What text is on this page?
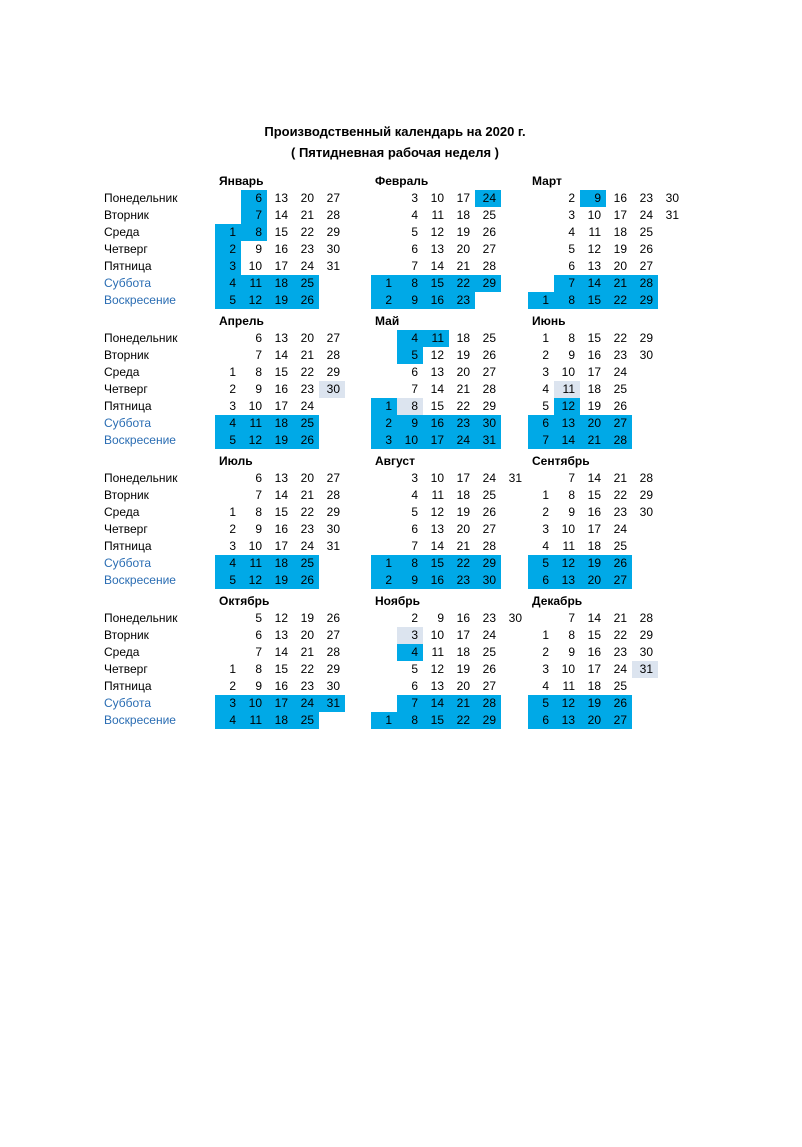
Производственный календарь на 2020 г.
( Пятидневная рабочая неделя )
Январь
Понедельник
Вторник
Среда
Четверг
Пятница
Суббота
Воскресение
1
2
3
4
5
6
7
8
9
10
11
12
13
14
15
16
17
18
19
20
21
22
23
24
25
26
27
28
29
30
31
Февраль
1
2
3
4
5
6
7
8
9
10
11
12
13
14
15
16
17
18
19
20
21
22
23
24
25
26
27
28
29
Март
1
2
3
4
5
6
7
8
9
10
11
12
13
14
15
16
17
18
19
20
21
22
23
24
25
26
27
28
29
30
31
Апрель
Понедельник
Вторник
Среда
Четверг
Пятница
Суббота
Воскресение
1
2
3
4
5
6
7
8
9
10
11
12
13
14
15
16
17
18
19
20
21
22
23
24
25
26
27
28
29
30
Май
1
2
3
4
5
6
7
8
9
10
11
12
13
14
15
16
17
18
19
20
21
22
23
24
25
26
27
28
29
30
31
Июнь
1
2
3
4
5
6
7
8
9
10
11
12
13
14
15
16
17
18
19
20
21
22
23
24
25
26
27
28
29
30
Июль
Понедельник
Вторник
Среда
Четверг
Пятница
Суббота
Воскресение
1
2
3
4
5
6
7
8
9
10
11
12
13
14
15
16
17
18
19
20
21
22
23
24
25
26
27
28
29
30
31
Август
1
2
3
4
5
6
7
8
9
10
11
12
13
14
15
16
17
18
19
20
21
22
23
24
25
26
27
28
29
30
31
Сентябрь
1
2
3
4
5
6
7
8
9
10
11
12
13
14
15
16
17
18
19
20
21
22
23
24
25
26
27
28
29
30
Октябрь
Понедельник
Вторник
Среда
Четверг
Пятница
Суббота
Воскресение
1
2
3
4
5
6
7
8
9
10
11
12
13
14
15
16
17
18
19
20
21
22
23
24
25
26
27
28
29
30
31
Ноябрь
1
2
3
4
5
6
7
8
9
10
11
12
13
14
15
16
17
18
19
20
21
22
23
24
25
26
27
28
29
30
Декабрь
1
2
3
4
5
6
7
8
9
10
11
12
13
14
15
16
17
18
19
20
21
22
23
24
25
26
27
28
29
30
31
